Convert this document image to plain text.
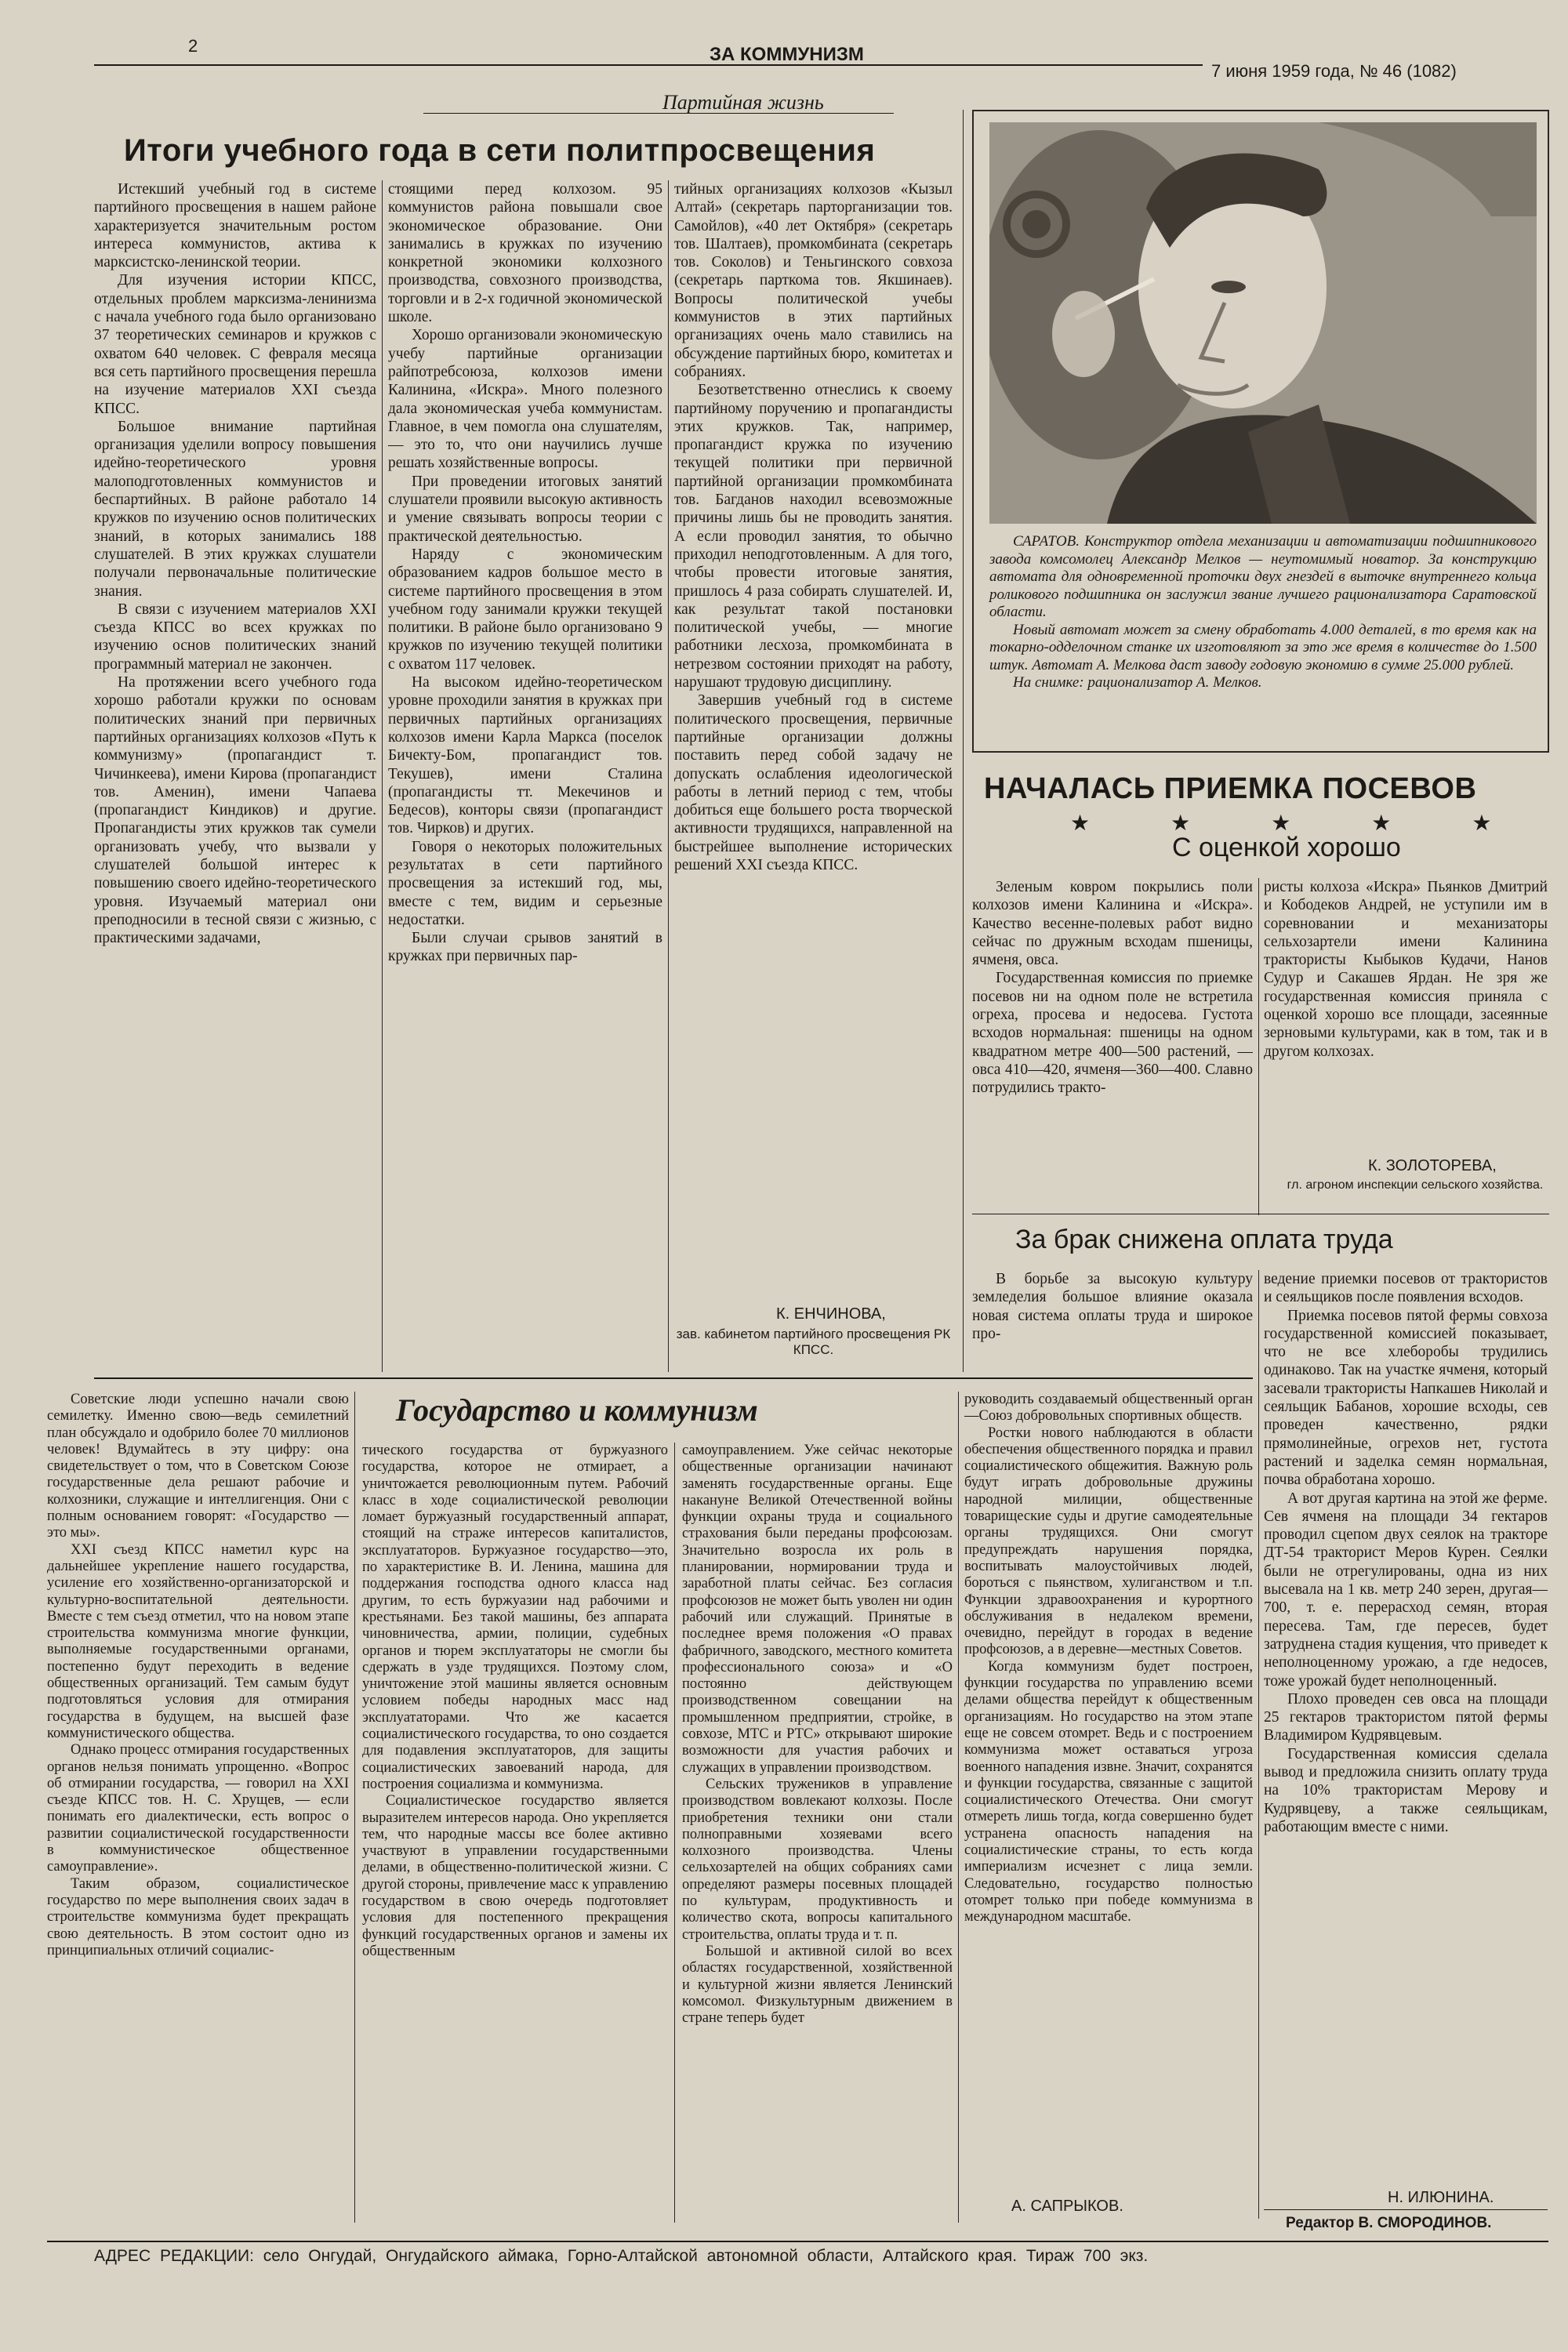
2	ЗА КОММУНИЗМ
7 июня 1959 года, № 46 (1082)
Партийная жизнь
Итоги учебного года в сети политпросвещения

Истекший учебный год в системе партийного просвещения в нашем районе характеризуется значительным ростом интереса коммунистов, актива к марксистско-ленинской теории.

Для изучения истории КПСС, отдельных проблем марксизма-ленинизма с начала учебного года было организовано 37 теоретических семинаров и кружков с охватом 640 человек. С февраля месяца вся сеть партийного просвещения перешла на изучение материалов XXI съезда КПСС.

Большое внимание партийная организация уделили вопросу повышения идейно-теоретического уровня малоподготовленных коммунистов и беспартийных. В районе работало 14 кружков по изучению основ политических знаний, в которых занимались 188 слушателей. В этих кружках слушатели получали первоначальные политические знания.

В связи с изучением материалов XXI съезда КПСС во всех кружках по изучению основ политических знаний программный материал не закончен.

На протяжении всего учебного года хорошо работали кружки по основам политических знаний при первичных партийных организациях колхозов «Путь к коммунизму» (пропагандист т. Чичинкеева), имени Кирова (пропагандист тов. Аменин), имени Чапаева (пропагандист Киндиков) и другие. Пропагандисты этих кружков так сумели организовать учебу, что вызвали у слушателей большой интерес к повышению своего идейно-теоретического уровня. Изучаемый материал они преподносили в тесной связи с жизнью, с практическими задачами,

стоящими перед колхозом. 95 коммунистов района повышали свое экономическое образование. Они занимались в кружках по изучению конкретной экономики колхозного производства, совхозного производства, торговли и в 2-х годичной экономической школе.

Хорошо организовали экономическую учебу партийные организации райпотребсоюза, колхозов имени Калинина, «Искра». Много полезного дала экономическая учеба коммунистам. Главное, в чем помогла она слушателям, — это то, что они научились лучше решать хозяйственные вопросы.

При проведении итоговых занятий слушатели проявили высокую активность и умение связывать вопросы теории с практической деятельностью.

Наряду с экономическим образованием кадров большое место в системе партийного просвещения в этом учебном году занимали кружки текущей политики. В районе было организовано 9 кружков по изучению текущей политики с охватом 117 человек.

На высоком идейно-теоретическом уровне проходили занятия в кружках при первичных партийных организациях колхозов имени Карла Маркса (поселок Бичекту-Бом, пропагандист тов. Текушев), имени Сталина (пропагандисты тт. Мекечинов и Бедесов), конторы связи (пропагандист тов. Чирков) и других.

Говоря о некоторых положительных результатах в сети партийного просвещения за истекший год, мы, вместе с тем, видим и серьезные недостатки.

Были случаи срывов занятий в кружках при первичных пар-

тийных организациях колхозов «Кызыл Алтай» (секретарь парторганизации тов. Самойлов), «40 лет Октября» (секретарь тов. Шалтаев), промкомбината (секретарь тов. Соколов) и Теньгинского совхоза (секретарь парткома тов. Якшинаев). Вопросы политической учебы коммунистов в этих партийных организациях очень мало ставились на обсуждение партийных бюро, комитетах и собраниях.

Безответственно отнеслись к своему партийному поручению и пропагандисты этих кружков. Так, например, пропагандист кружка по изучению текущей политики при первичной партийной организации промкомбината тов. Багданов находил всевозможные причины лишь бы не проводить занятия. А если проводил занятия, то обычно приходил неподготовленным. А для того, чтобы провести итоговые занятия, пришлось 4 раза собирать слушателей. И, как результат такой постановки политической учебы, — многие работники лесхоза, промкомбината в нетрезвом состоянии приходят на работу, нарушают трудовую дисциплину.

Завершив учебный год в системе политического просвещения, первичные партийные организации должны поставить перед собой задачу не допускать ослабления идеологической работы в летний период с тем, чтобы добиться еще большего роста творческой активности трудящихся, направленной на быстрейшее выполнение исторических решений XXI съезда КПСС.

К. ЕНЧИНОВА,
зав. кабинетом партийного просвещения РК КПСС.

САРАТОВ. Конструктор отдела механизации и автоматизации подшипникового завода комсомолец Александр Мелков — неутомимый новатор. За конструкцию автомата для одновременной проточки двух гнездей в выточке внутреннего кольца роликового подшипника он заслужил звание лучшего рационализатора Саратовской области.

Новый автомат может за смену обработать 4.000 деталей, в то время как на токарно-одделочном станке их изготовляют за это же время в количестве до 1.500 штук. Автомат А. Мелкова даст заводу годовую экономию в сумме 25.000 рублей.

На снимке: рационализатор А. Мелков.

НАЧАЛАСЬ ПРИЕМКА ПОСЕВОВ
★ ★ ★ ★ ★
С оценкой хорошо

Зеленым ковром покрылись поли колхозов имени Калинина и «Искра». Качество весенне-полевых работ видно сейчас по дружным всходам пшеницы, ячменя, овса.

Государственная комиссия по приемке посевов ни на одном поле не встретила огреха, просева и недосева. Густота всходов нормальная: пшеницы на одном квадратном метре 400—500 растений, — овса 410—420, ячменя—360—400. Славно потрудились тракто-

ристы колхоза «Искра» Пьянков Дмитрий и Кободеков Андрей, не уступили им в соревновании и механизаторы сельхозартели имени Калинина трактористы Кыбыков Кудачи, Нанов Судур и Сакашев Ярдан. Не зря же государственная комиссия приняла с оценкой хорошо все площади, засеянные зерновыми культурами, как в том, так и в другом колхозах.

К. ЗОЛОТОРЕВА,
гл. агроном инспекции сельского хозяйства.
За брак снижена оплата труда

В борьбе за высокую культуру земледелия большое влияние оказала новая система оплаты труда и широкое про-

ведение приемки посевов от трактористов и сеяльщиков после появления всходов.

Приемка посевов пятой фермы совхоза государственной комиссией показывает, что не все хлеборобы трудились одинаково. Так на участке ячменя, который засевали трактористы Напкашев Николай и сеяльщик Бабанов, хорошие всходы, сев проведен качественно, рядки прямолинейные, огрехов нет, густота растений и заделка семян нормальная, почва обработана хорошо.

А вот другая картина на этой же ферме. Сев ячменя на площади 34 гектаров проводил сцепом двух сеялок на тракторе ДТ-54 тракторист Меров Курен. Сеялки были не отрегулированы, одна из них высевала на 1 кв. метр 240 зерен, другая—700, т. е. перерасход семян, вторая пересева. Там, где пересев, будет затруднена стадия кущения, что приведет к неполноценному урожаю, а где недосев, тоже урожай будет неполноценный.

Плохо проведен сев овса на площади 25 гектаров трактористом пятой фермы Владимиром Кудрявцевым.

Государственная комиссия сделала вывод и предложила снизить оплату труда на 10% трактористам Мерову и Кудрявцеву, а также сеяльщикам, работающим вместе с ними.

Н. ИЛЮНИНА.
Государство и коммунизм

Советские люди успешно начали свою семилетку. Именно свою—ведь семилетний план обсуждало и одобрило более 70 миллионов человек! Вдумайтесь в эту цифру: она свидетельствует о том, что в Советском Союзе государственные дела решают рабочие и колхозники, служащие и интеллигенция. Они с полным основанием говорят: «Государство — это мы».

XXI съезд КПСС наметил курс на дальнейшее укрепление нашего государства, усиление его хозяйственно-организаторской и культурно-воспитательной деятельности. Вместе с тем съезд отметил, что на новом этапе строительства коммунизма многие функции, выполняемые государственными органами, постепенно будут переходить в ведение общественных организаций. Тем самым будут подготовляться условия для отмирания государства в будущем, на высшей фазе коммунистического общества.

Однако процесс отмирания государственных органов нельзя понимать упрощенно. «Вопрос об отмирании государства, — говорил на XXI съезде КПСС тов. Н. С. Хрущев, — если понимать его диалектически, есть вопрос о развитии социалистической государственности в коммунистическое общественное самоуправление».

Таким образом, социалистическое государство по мере выполнения своих задач в строительстве коммунизма будет прекращать свою деятельность. В этом состоит одно из принципиальных отличий социалис-

тического государства от буржуазного государства, которое не отмирает, а уничтожается революционным путем. Рабочий класс в ходе социалистической революции ломает буржуазный государственный аппарат, стоящий на страже интересов капиталистов, эксплуататоров. Буржуазное государство—это, по характеристике В. И. Ленина, машина для поддержания господства одного класса над другим, то есть буржуазии над рабочими и крестьянами. Без такой машины, без аппарата чиновничества, армии, полиции, судебных органов и тюрем эксплуататоры не смогли бы сдержать в узде трудящихся. Поэтому слом, уничтожение этой машины является основным условием победы народных масс над эксплуататорами. Что же касается социалистического государства, то оно создается для подавления эксплуататоров, для защиты социалистических завоеваний народа, для построения социализма и коммунизма.

Социалистическое государство является выразителем интересов народа. Оно укрепляется тем, что народные массы все более активно участвуют в управлении государственными делами, в общественно-политической жизни. С другой стороны, привлечение масс к управлению государством в свою очередь подготовляет условия для постепенного прекращения функций государственных органов и замены их общественным

самоуправлением. Уже сейчас некоторые общественные организации начинают заменять государственные органы. Еще накануне Великой Отечественной войны функции охраны труда и социального страхования были переданы профсоюзам. Значительно возросла их роль в планировании, нормировании труда и заработной платы сейчас. Без согласия профсоюзов не может быть уволен ни один рабочий или служащий. Принятые в последнее время положения «О правах фабричного, заводского, местного комитета профессионального союза» и «О постоянно действующем производственном совещании на промышленном предприятии, стройке, в совхозе, МТС и РТС» открывают широкие возможности для участия рабочих и служащих в управлении производством.

Сельских тружеников в управление производством вовлекают колхозы. После приобретения техники они стали полноправными хозяевами всего колхозного производства. Члены сельхозартелей на общих собраниях сами определяют размеры посевных площадей по культурам, продуктивность и количество скота, вопросы капитального строительства, оплаты труда и т. п.

Большой и активной силой во всех областях государственной, хозяйственной и культурной жизни является Ленинский комсомол. Физкультурным движением в стране теперь будет

руководить создаваемый общественный орган—Союз добровольных спортивных обществ.

Ростки нового наблюдаются в области обеспечения общественного порядка и правил социалистического общежития. Важную роль будут играть добровольные дружины народной милиции, общественные товарищеские суды и другие самодеятельные органы трудящихся. Они смогут предупреждать нарушения порядка, воспитывать малоустойчивых людей, бороться с пьянством, хулиганством и т.п. Функции здравоохранения и курортного обслуживания в недалеком времени, очевидно, перейдут в городах в ведение профсоюзов, а в деревне—местных Советов.

Когда коммунизм будет построен, функции государства по управлению всеми делами общества перейдут к общественным организациям. Но государство на этом этапе еще не совсем отомрет. Ведь и с построением коммунизма может оставаться угроза военного нападения извне. Значит, сохранятся и функции государства, связанные с защитой социалистического Отечества. Они смогут отмереть лишь тогда, когда совершенно будет устранена опасность нападения на социалистические страны, то есть когда империализм исчезнет с лица земли. Следовательно, государство полностью отомрет только при победе коммунизма в международном масштабе.

А. САПРЫКОВ.
Редактор В. СМОРОДИНОВ.
АДРЕС РЕДАКЦИИ: село Онгудай, Онгудайского аймака, Горно-Алтайской автономной области, Алтайского края. Тираж 700 экз.
